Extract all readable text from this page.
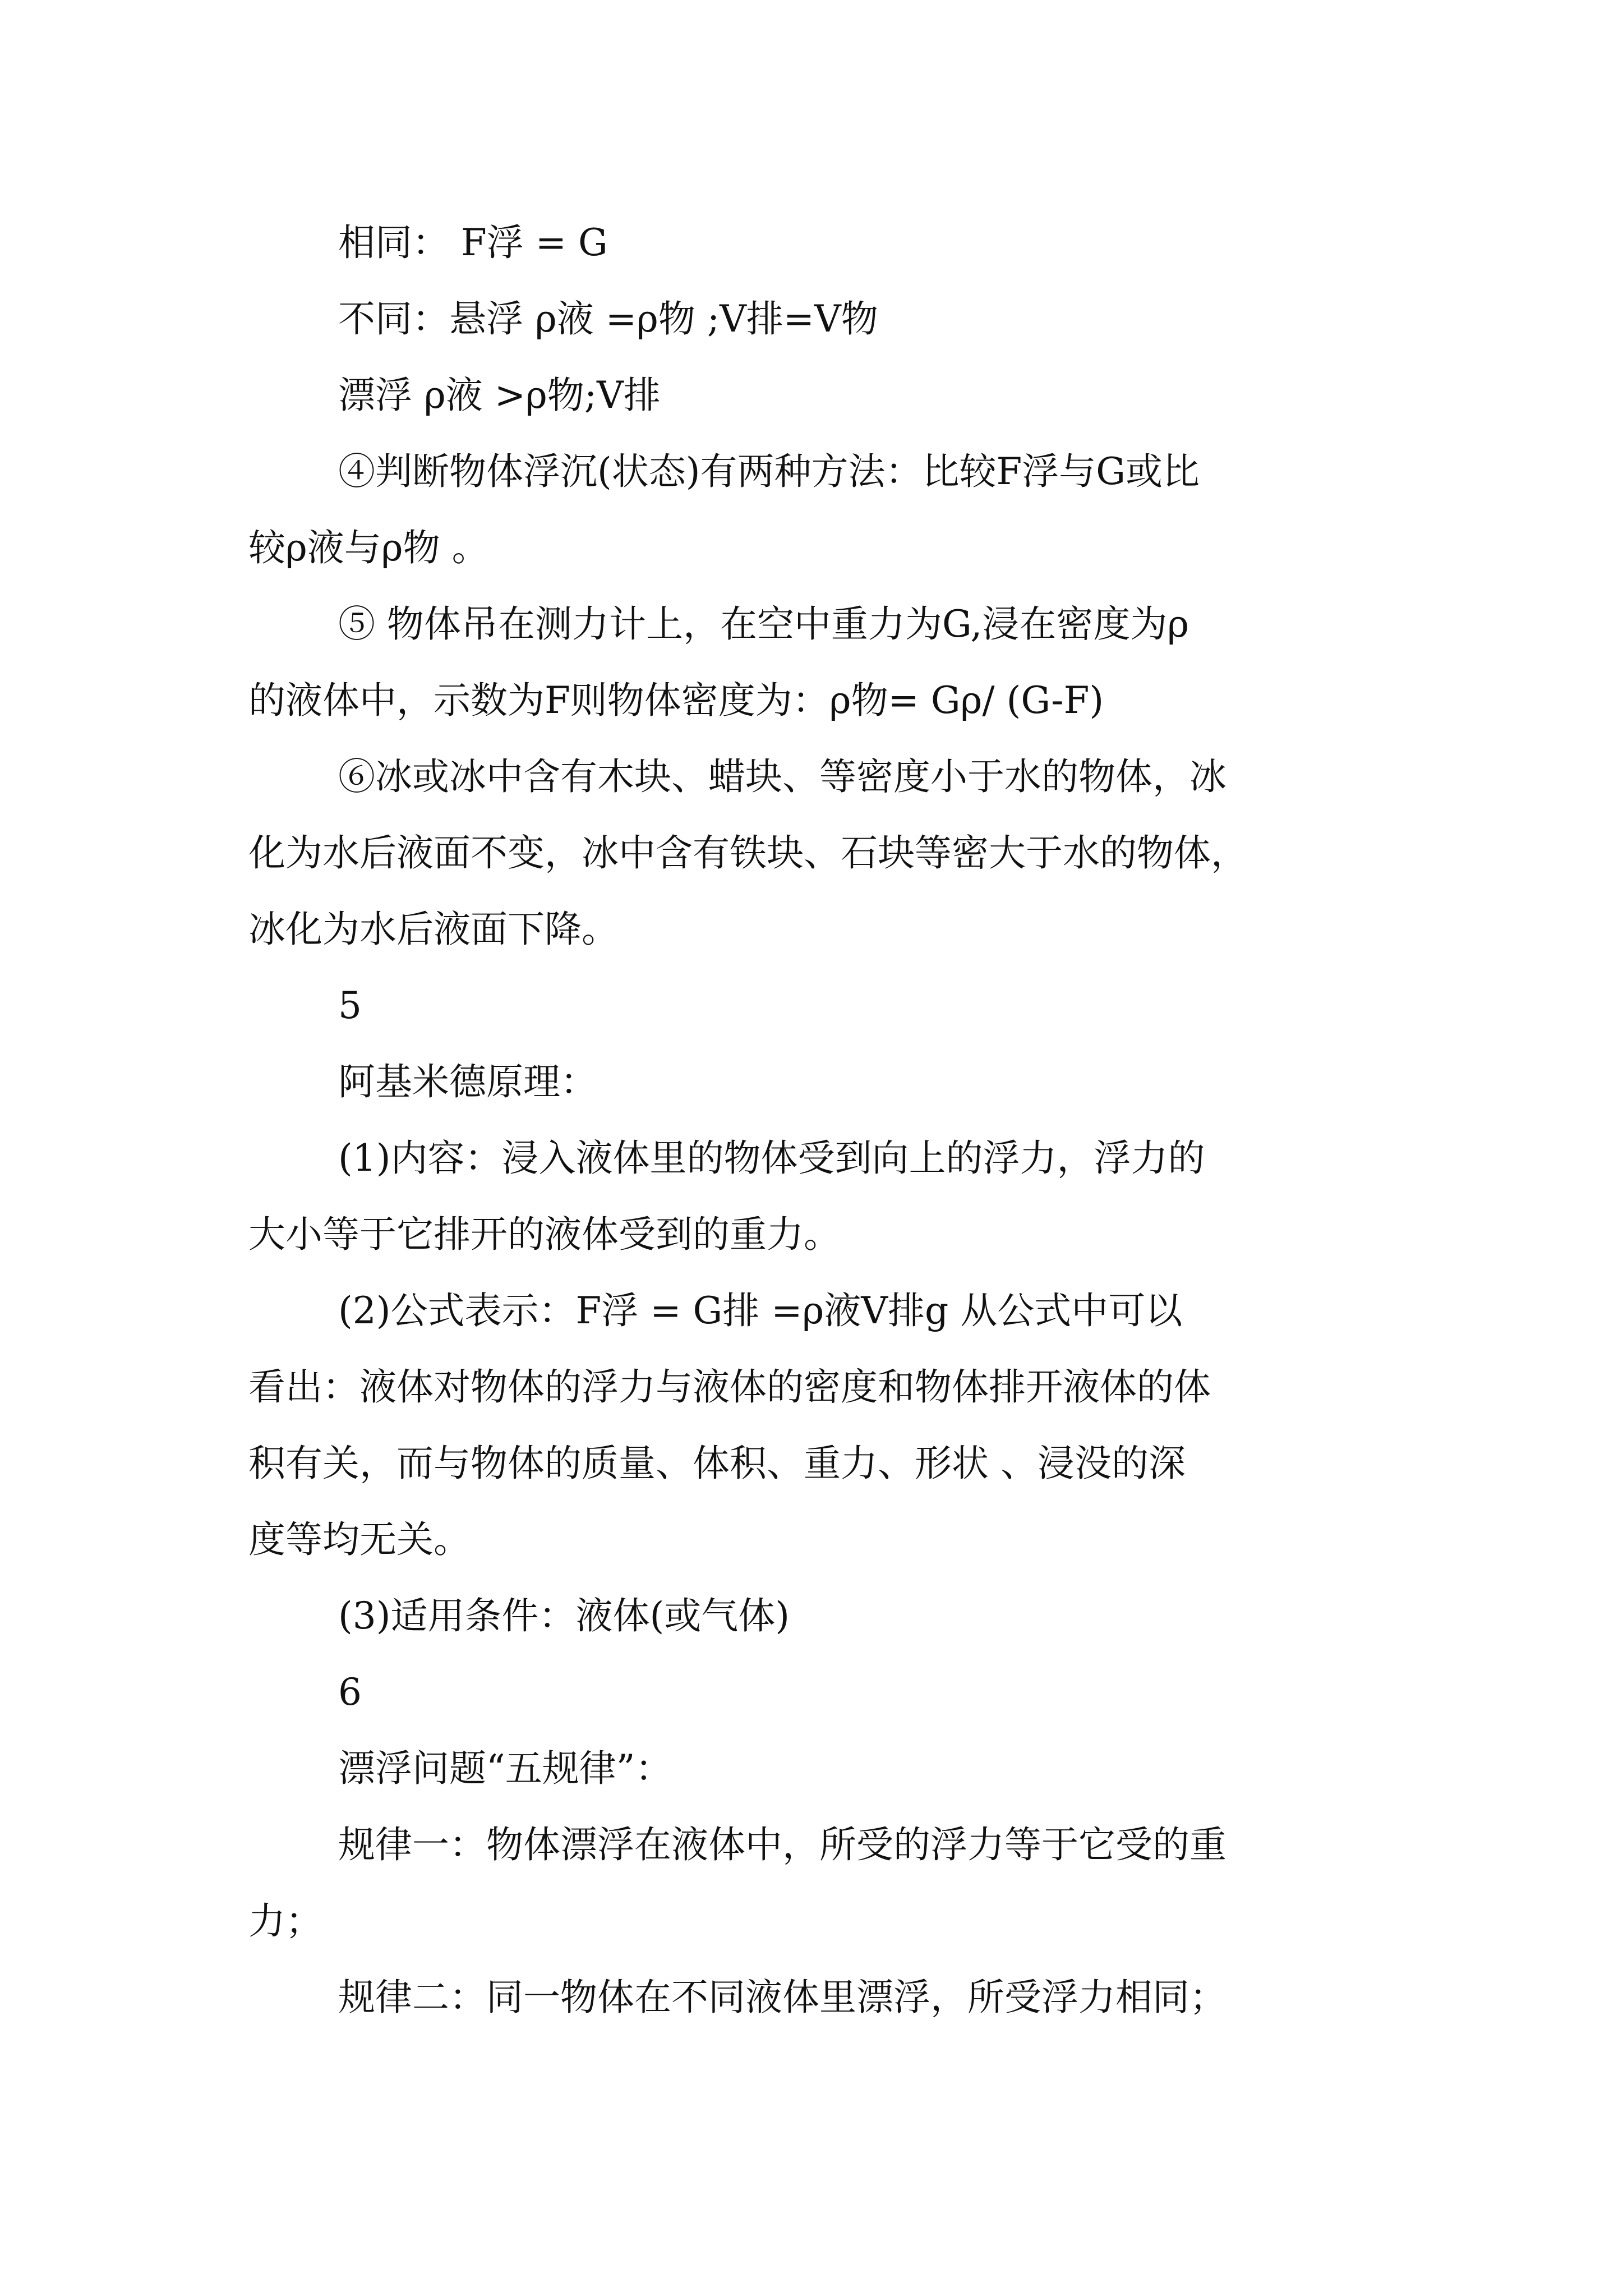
相同： F浮 = G

不同：悬浮 ρ液 =ρ物 ;V排=V物

漂浮 ρ液 >ρ物;V排

④判断物体浮沉(状态)有两种方法：比较F浮与G或比

较ρ液与ρ物 。

⑤ 物体吊在测力计上，在空中重力为G,浸在密度为ρ

的液体中，示数为F则物体密度为：ρ物= Gρ/ (G-F)

⑥冰或冰中含有木块、蜡块、等密度小于水的物体，冰

化为水后液面不变，冰中含有铁块、石块等密大于水的物体，

冰化为水后液面下降。

5

阿基米德原理：

(1)内容：浸入液体里的物体受到向上的浮力，浮力的

大小等于它排开的液体受到的重力。

(2)公式表示：F浮 = G排 =ρ液V排g 从公式中可以

看出：液体对物体的浮力与液体的密度和物体排开液体的体

积有关，而与物体的质量、体积、重力、形状 、浸没的深

度等均无关。

(3)适用条件：液体(或气体)

6

漂浮问题“五规律”：

规律一：物体漂浮在液体中，所受的浮力等于它受的重

力；

规律二：同一物体在不同液体里漂浮，所受浮力相同；
